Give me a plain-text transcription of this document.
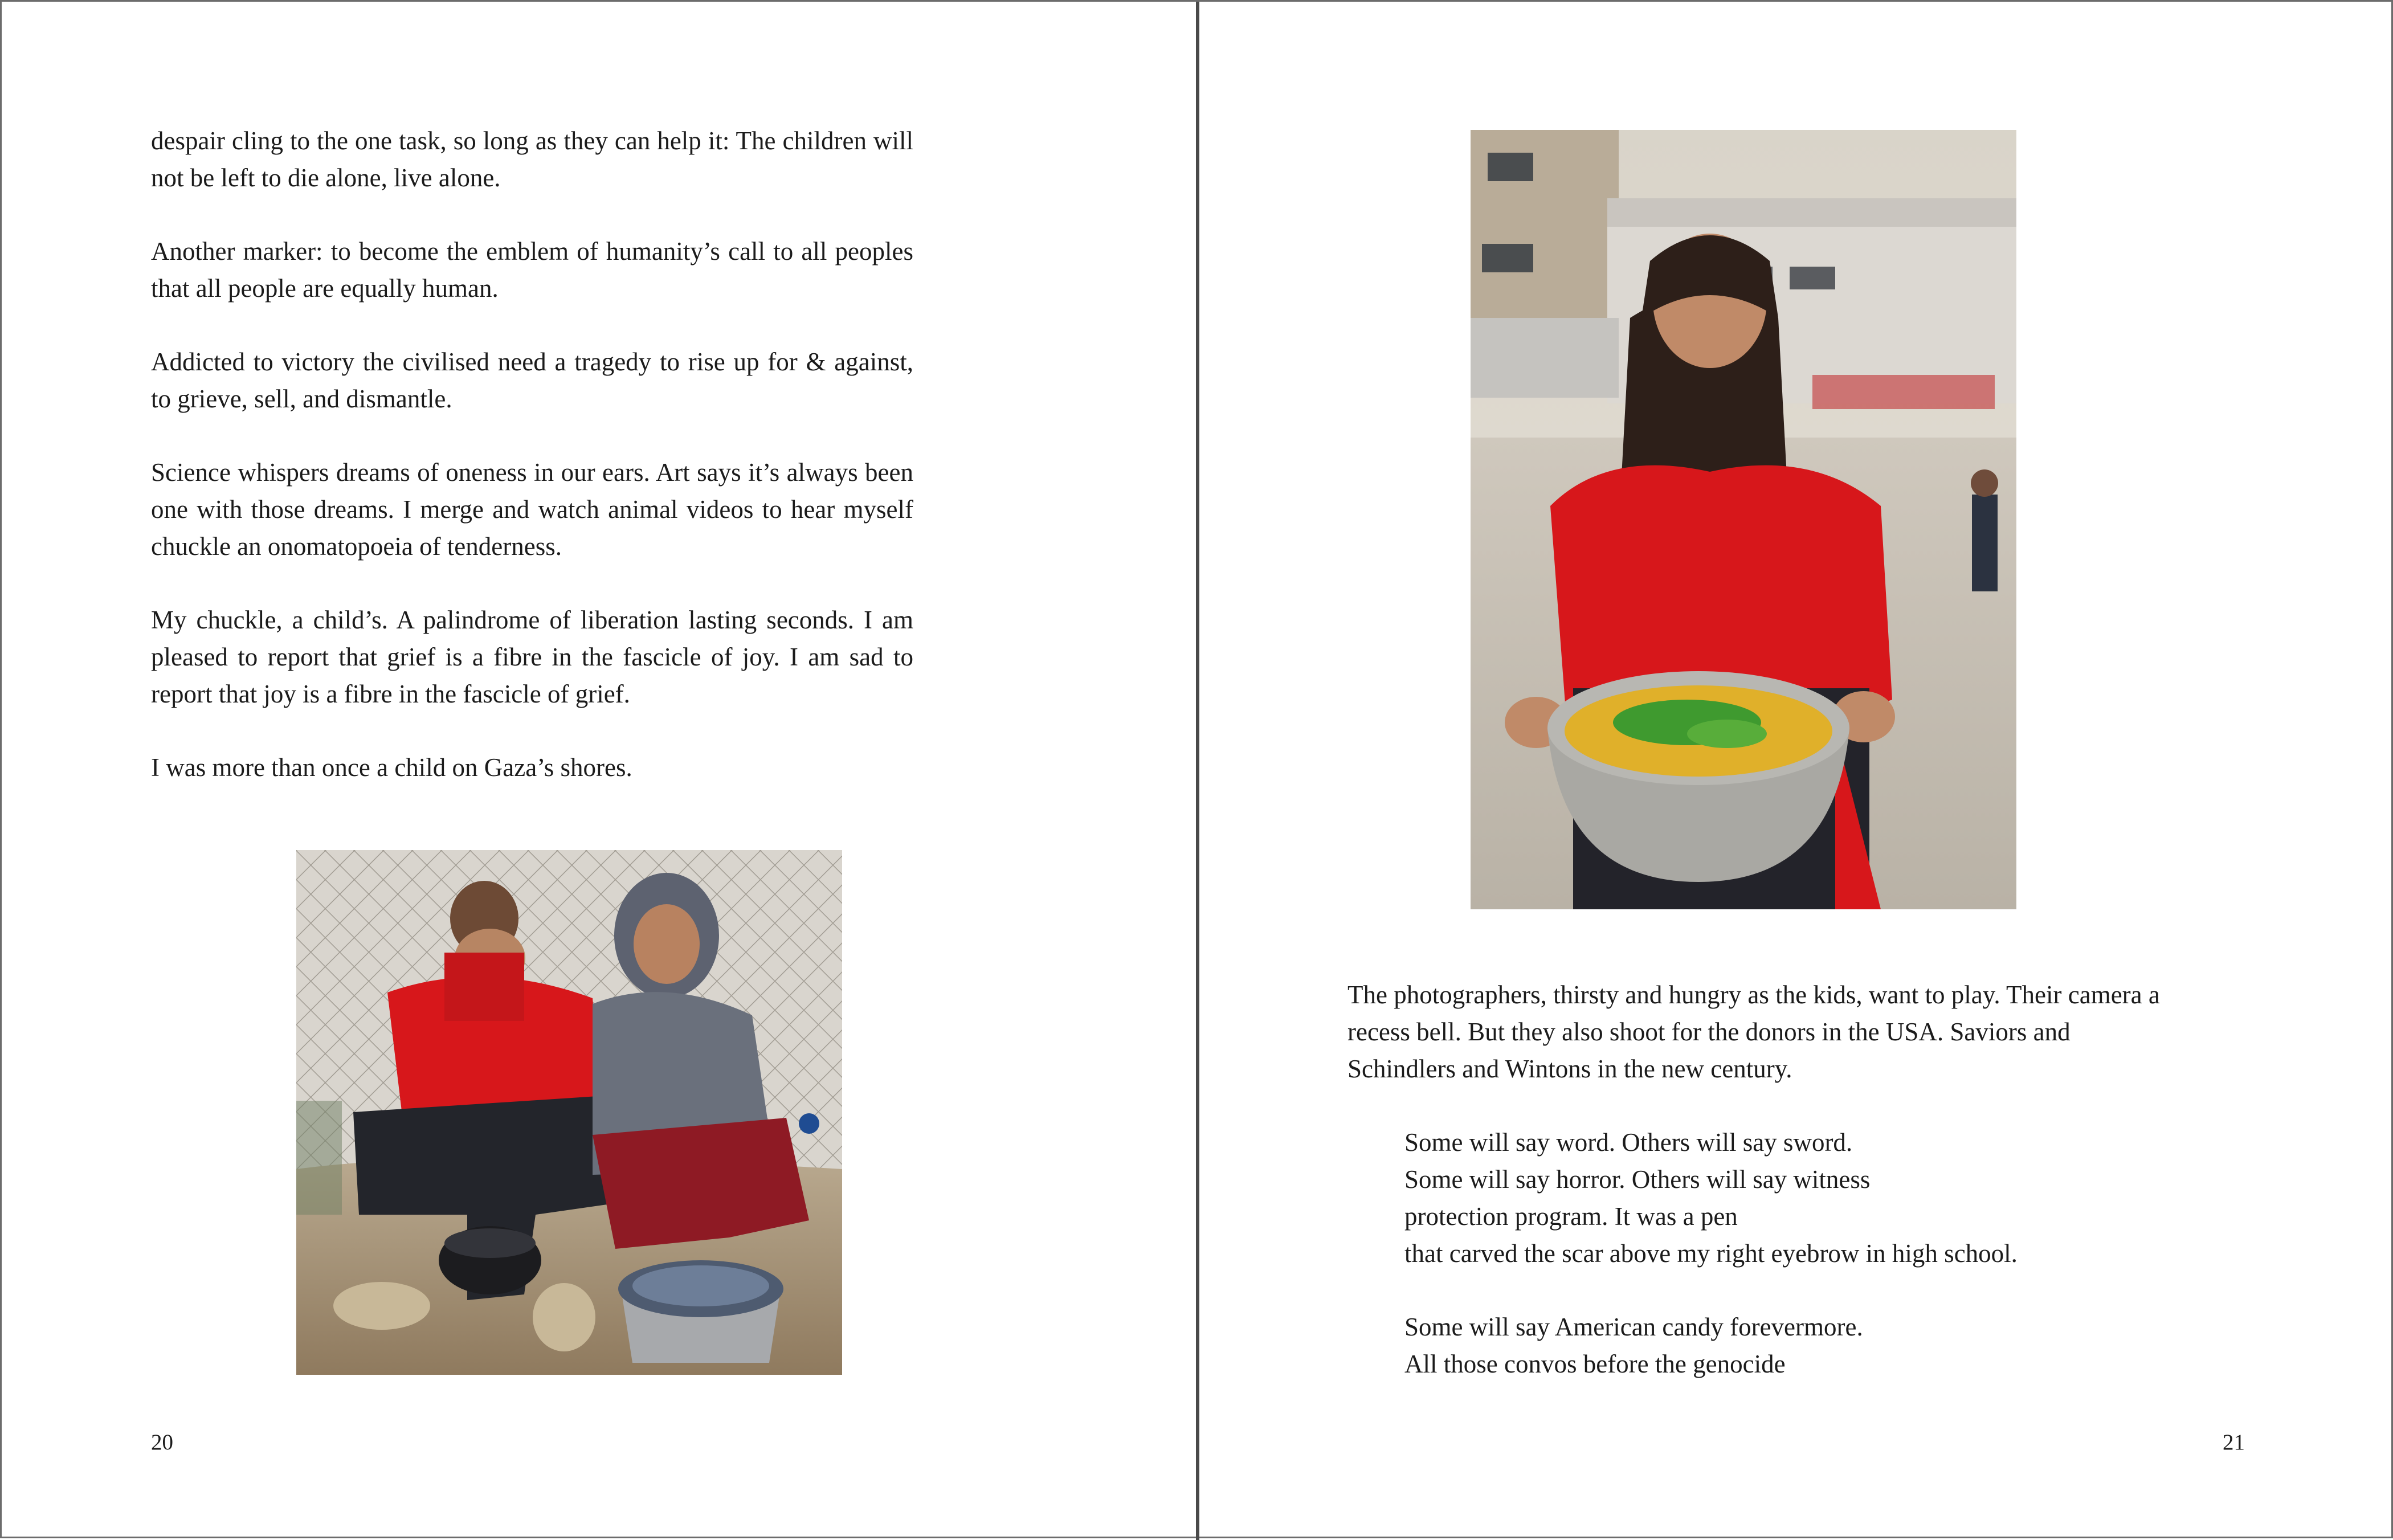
despair cling to the one task, so long as they can help it: The children will not be left to die alone, live alone.

Another marker: to become the emblem of humanity’s call to all peoples that all people are equally human.

Addicted to victory the civilised need a tragedy to rise up for & against, to grieve, sell, and dismantle.

Science whispers dreams of oneness in our ears. Art says it’s always been one with those dreams. I merge and watch animal videos to hear myself chuckle an onomatopoeia of tenderness.

My chuckle, a child’s. A palindrome of liberation lasting seconds. I am pleased to report that grief is a fibre in the fascicle of joy. I am sad to report that joy is a fibre in the fascicle of grief.

I was more than once a child on Gaza’s shores.

20

The photographers, thirsty and hungry as the kids, want to play. Their camera a recess bell. But they also shoot for the donors in the USA. Saviors and Schindlers and Wintons in the new century.

Some will say word. Others will say sword.
Some will say horror. Others will say witness
protection program. It was a pen
that carved the scar above my right eyebrow in high school.
Some will say American candy forevermore.
All those convos before the genocide
21
